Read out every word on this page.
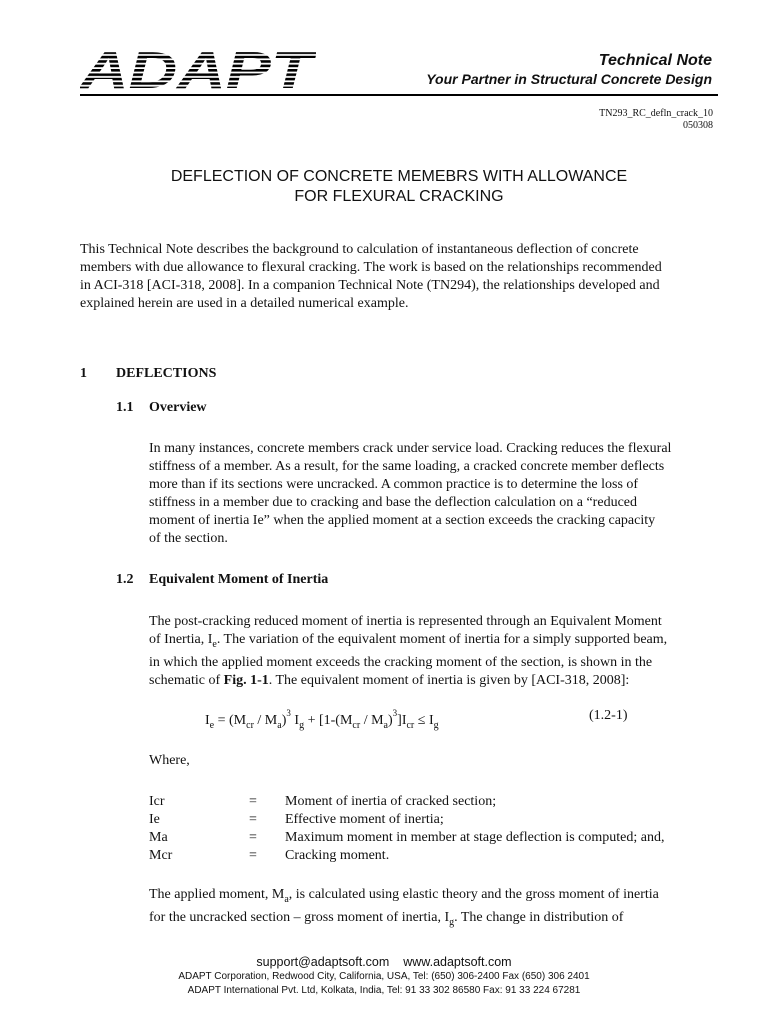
Technical Note
Your Partner in Structural Concrete Design
TN293_RC_defln_crack_10
050308
DEFLECTION OF CONCRETE MEMEBRS WITH ALLOWANCE
FOR FLEXURAL CRACKING

This Technical Note describes the background to calculation of instantaneous deflection of concrete

members with due allowance to flexural cracking. The work is based on the relationships recommended

in ACI-318 [ACI-318, 2008]. In a companion Technical Note (TN294), the relationships developed and

explained herein are used in a detailed numerical example.

1 DEFLECTIONS
1.1 Overview

In many instances, concrete members crack under service load. Cracking reduces the flexural

stiffness of a member. As a result, for the same loading, a cracked concrete member deflects

more than if its sections were uncracked. A common practice is to determine the loss of

stiffness in a member due to cracking and base the deflection calculation on a “reduced

moment of inertia Ie” when the applied moment at a section exceeds the cracking capacity

of the section.

1.2 Equivalent Moment of Inertia

The post-cracking reduced moment of inertia is represented through an Equivalent Moment

of Inertia, $I_e$. The variation of the equivalent moment of inertia for a simply supported beam,

in which the applied moment exceeds the cracking moment of the section, is shown in the

schematic of Fig. 1-1. The equivalent moment of inertia is given by [ACI-318, 2008]:

$I_e = (M_{cr} / M_a)^3$ $I_g + [1-(M_{cr} / M_a)^3]I_{cr} \le I_g$
(1.2-1)
Where,
Icr	= Moment of inertia of cracked section;
Ie	= Effective moment of inertia;
Ma	= Maximum moment in member at stage deflection is computed; and,
Mcr	= Cracking moment.

The applied moment, $M_a$, is calculated using elastic theory and the gross moment of inertia

for the uncracked section – gross moment of inertia, $I_g$. The change in distribution of

support@adaptsoft.com www.adaptsoft.com
ADAPT Corporation, Redwood City, California, USA, Tel: (650) 306-2400 Fax (650) 306 2401
ADAPT International Pvt. Ltd, Kolkata, India, Tel: 91 33 302 86580 Fax: 91 33 224 67281
